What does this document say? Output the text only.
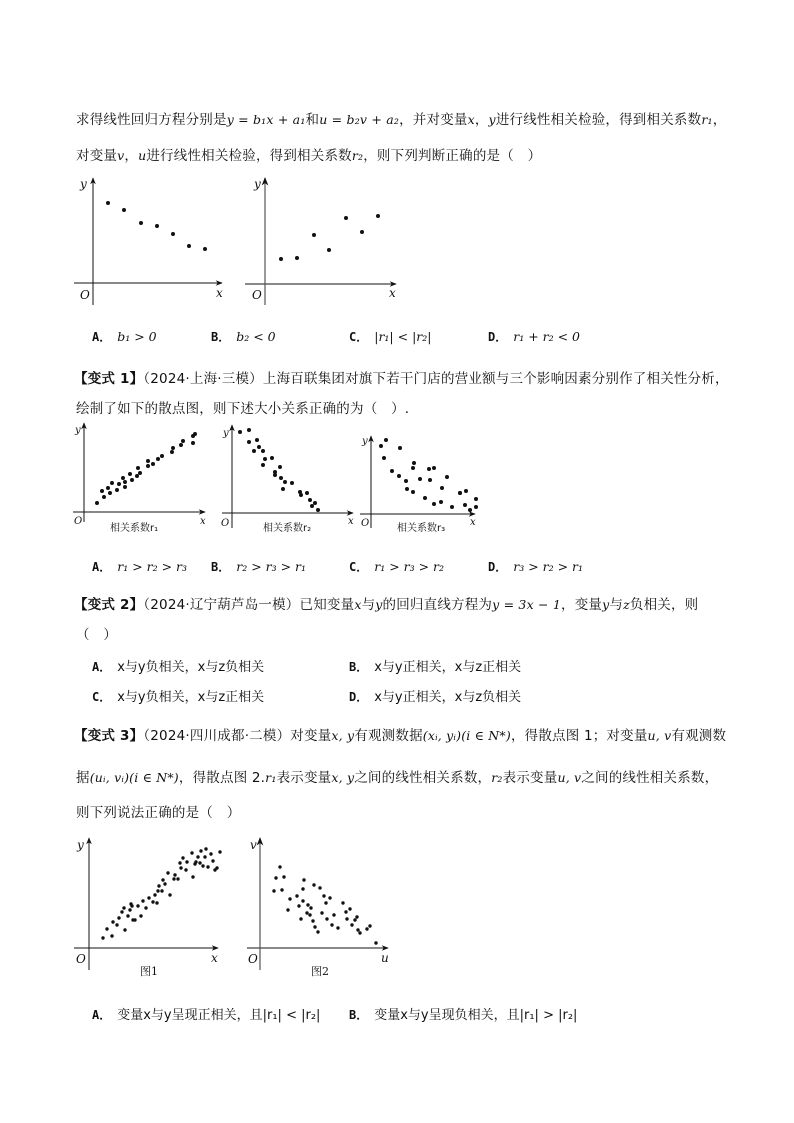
求得线性回归方程分别是y = b₁x + a₁和u = b₂v + a₂，并对变量x，y进行线性相关检验，得到相关系数r₁，
对变量v，u进行线性相关检验，得到相关系数r₂，则下列判断正确的是（　）
y
x
O
y
x
O
y
x
O
相关系数r₁
y
x
O	相关系数r₂
y
x
O	相关系数r₃
y
x
O
图1
v
u
O
图2
A． b₁ > 0	B． b₂ < 0	C． |r₁| < |r₂|	D． r₁ + r₂ < 0
【变式 1】（2024·上海·三模）上海百联集团对旗下若干门店的营业额与三个影响因素分别作了相关性分析，
绘制了如下的散点图，则下述大小关系正确的为（　）.
A． r₁ > r₂ > r₃ B． r₂ > r₃ > r₁	C． r₁ > r₃ > r₂	D． r₃ > r₂ > r₁
【变式 2】（2024·辽宁葫芦岛一模）已知变量x与y的回归直线方程为y = 3x − 1，变量y与z负相关，则
（　）
A． x与y负相关，x与z负相关	B． x与y正相关，x与z正相关
C． x与y负相关，x与z正相关	D． x与y正相关，x与z负相关
【变式 3】（2024·四川成都·二模）对变量x, y有观测数据(xᵢ, yᵢ)(i ∈ N*)，得散点图 1；对变量u, v有观测数
据(uᵢ, vᵢ)(i ∈ N*)，得散点图 2.r₁表示变量x, y之间的线性相关系数，r₂表示变量u, v之间的线性相关系数，
则下列说法正确的是（　）
A． 变量x与y呈现正相关，且|r₁| < |r₂| B． 变量x与y呈现负相关，且|r₁| > |r₂|
